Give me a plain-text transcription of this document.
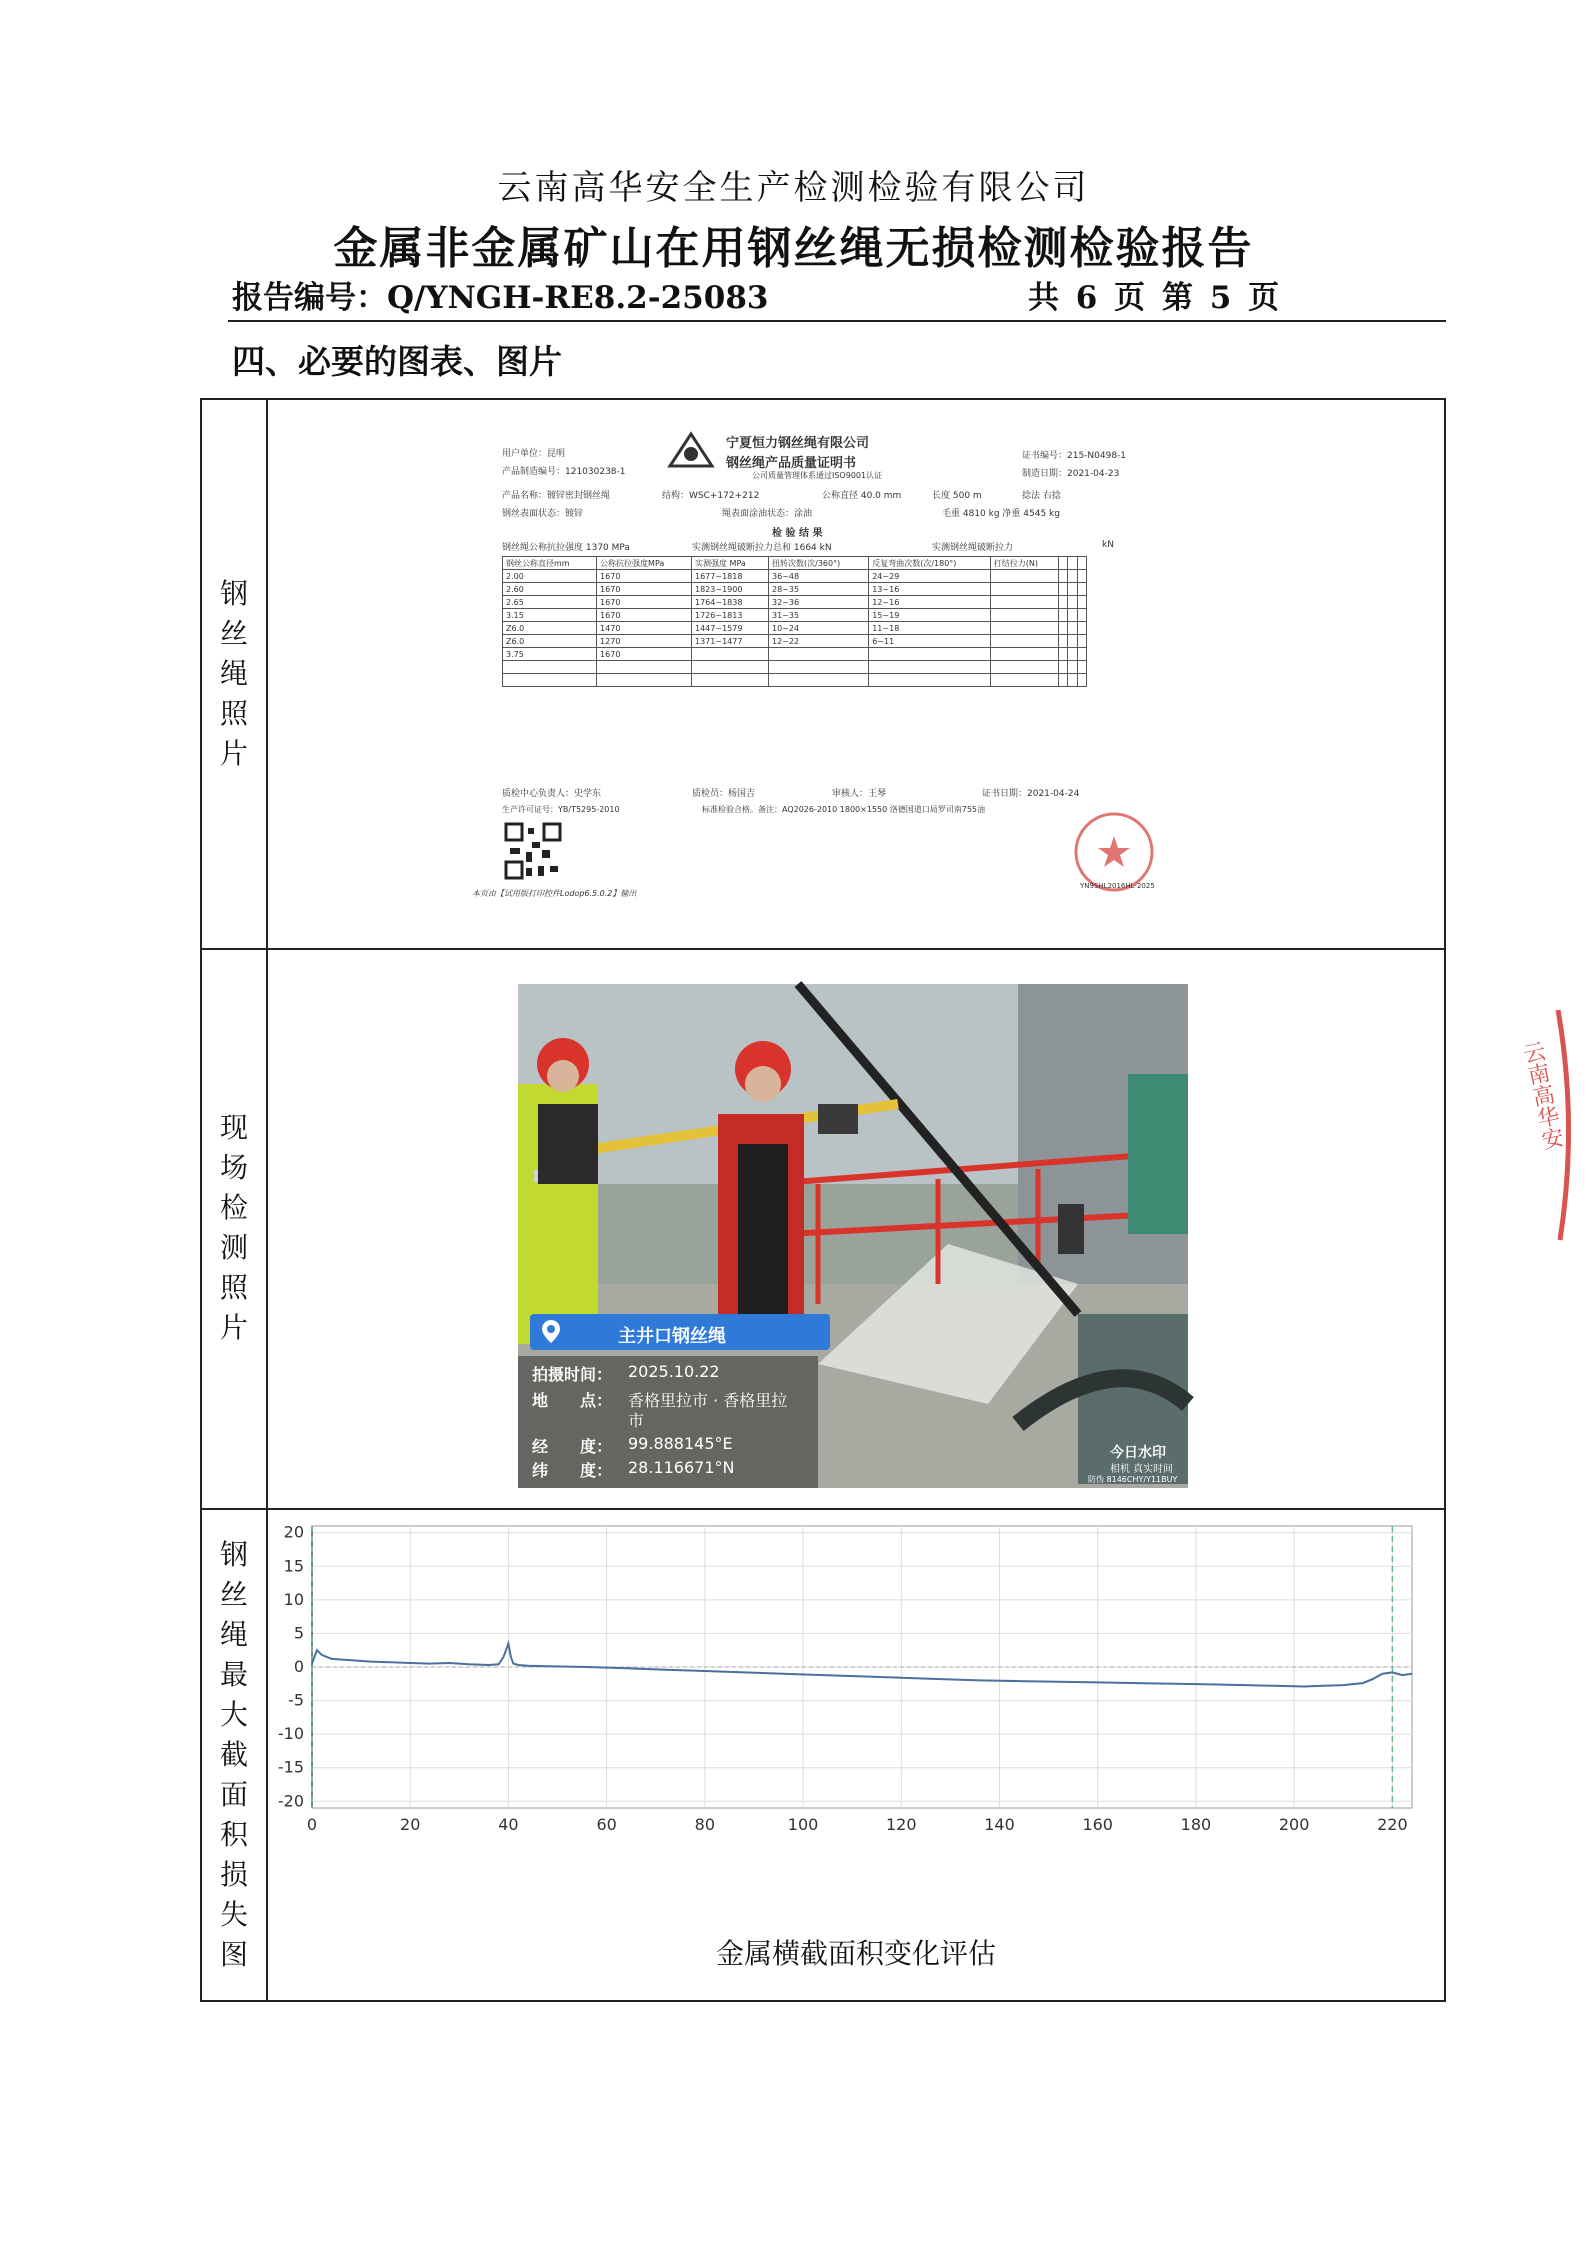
云南高华安全生产检测检验有限公司
金属非金属矿山在用钢丝绳无损检测检验报告
报告编号：Q/YNGH-RE8.2-25083	共 6 页 第 5 页
四、必要的图表、图片
云南高华安
钢丝绳照片
现场检测照片
钢丝绳最大截面积损失图
宁夏恒力钢丝绳有限公司
钢丝绳产品质量证明书
公司质量管理体系通过ISO9001认证
用户单位：昆明
产品制造编号：121030238-1
证书编号：215-N0498-1
制造日期：2021-04-23
产品名称：镀锌密封钢丝绳	结构：WSC+172+212	公称直径 40.0 mm	长度 500 m	捻法 右捻
钢丝表面状态：镀锌	绳表面涂油状态：涂油	毛重 4810 kg 净重 4545 kg
检 验 结 果
钢丝绳公称抗拉强度 1370 MPa	实测钢丝绳破断拉力总和 1664 kN	实测钢丝绳破断拉力	kN
钢丝公称直径mm	公称抗拉强度MPa	实测强度 MPa	扭转次数(次/360°)	反复弯曲次数(次/180°)	打结拉力(N)			
2.00	1670	1677~1818	36~48	24~29				
2.60	1670	1823~1900	28~35	13~16				
2.65	1670	1764~1838	32~36	12~16				
3.15	1670	1726~1813	31~35	15~19				
Z6.0	1470	1447~1579	10~24	11~18				
Z6.0	1270	1371~1477	12~22	6~11				
3.75	1670							

质检中心负责人：史学东	质检员：杨国吉	审核人：王琴	证书日期：2021-04-24
生产许可证号：YB/T5295-2010	标准检验合格。备注：AQ2026-2010 1800×1550 洛德国道口局罗司南755油
本页由【试用版打印控件Lodop6.5.0.2】输出
YN9SHL2016HL-2025
主井口钢丝绳
拍摄时间： 2025.10.22
地　　点： 香格里拉市 · 香格里拉
市
经　　度： 99.888145°E
纬　　度： 28.116671°N
今日水印
相机 真实时间
防伪 8146CHY/Y11BUY
0	20	40	60	80	100	120	140	160	180	200	220
20
15
10
5
0
-5
-10
-15
-20
金属横截面积变化评估
